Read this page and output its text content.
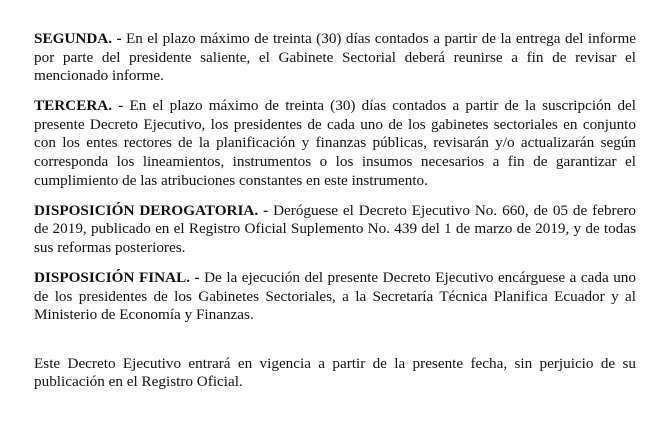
SEGUNDA. - En el plazo máximo de treinta (30) días contados a partir de la entrega del informe por parte del presidente saliente, el Gabinete Sectorial deberá reunirse a fin de revisar el mencionado informe.

TERCERA. - En el plazo máximo de treinta (30) días contados a partir de la suscripción del presente Decreto Ejecutivo, los presidentes de cada uno de los gabinetes sectoriales en conjunto con los entes rectores de la planificación y finanzas públicas, revisarán y/o actualizarán según corresponda los lineamientos, instrumentos o los insumos necesarios a fin de garantizar el cumplimiento de las atribuciones constantes en este instrumento.

DISPOSICIÓN DEROGATORIA. - Deróguese el Decreto Ejecutivo No. 660, de 05 de febrero de 2019, publicado en el Registro Oficial Suplemento No. 439 del 1 de marzo de 2019, y de todas sus reformas posteriores.

DISPOSICIÓN FINAL. - De la ejecución del presente Decreto Ejecutivo encárguese a cada uno de los presidentes de los Gabinetes Sectoriales, a la Secretaría Técnica Planifica Ecuador y al Ministerio de Economía y Finanzas.

Este Decreto Ejecutivo entrará en vigencia a partir de la presente fecha, sin perjuicio de su publicación en el Registro Oficial.
